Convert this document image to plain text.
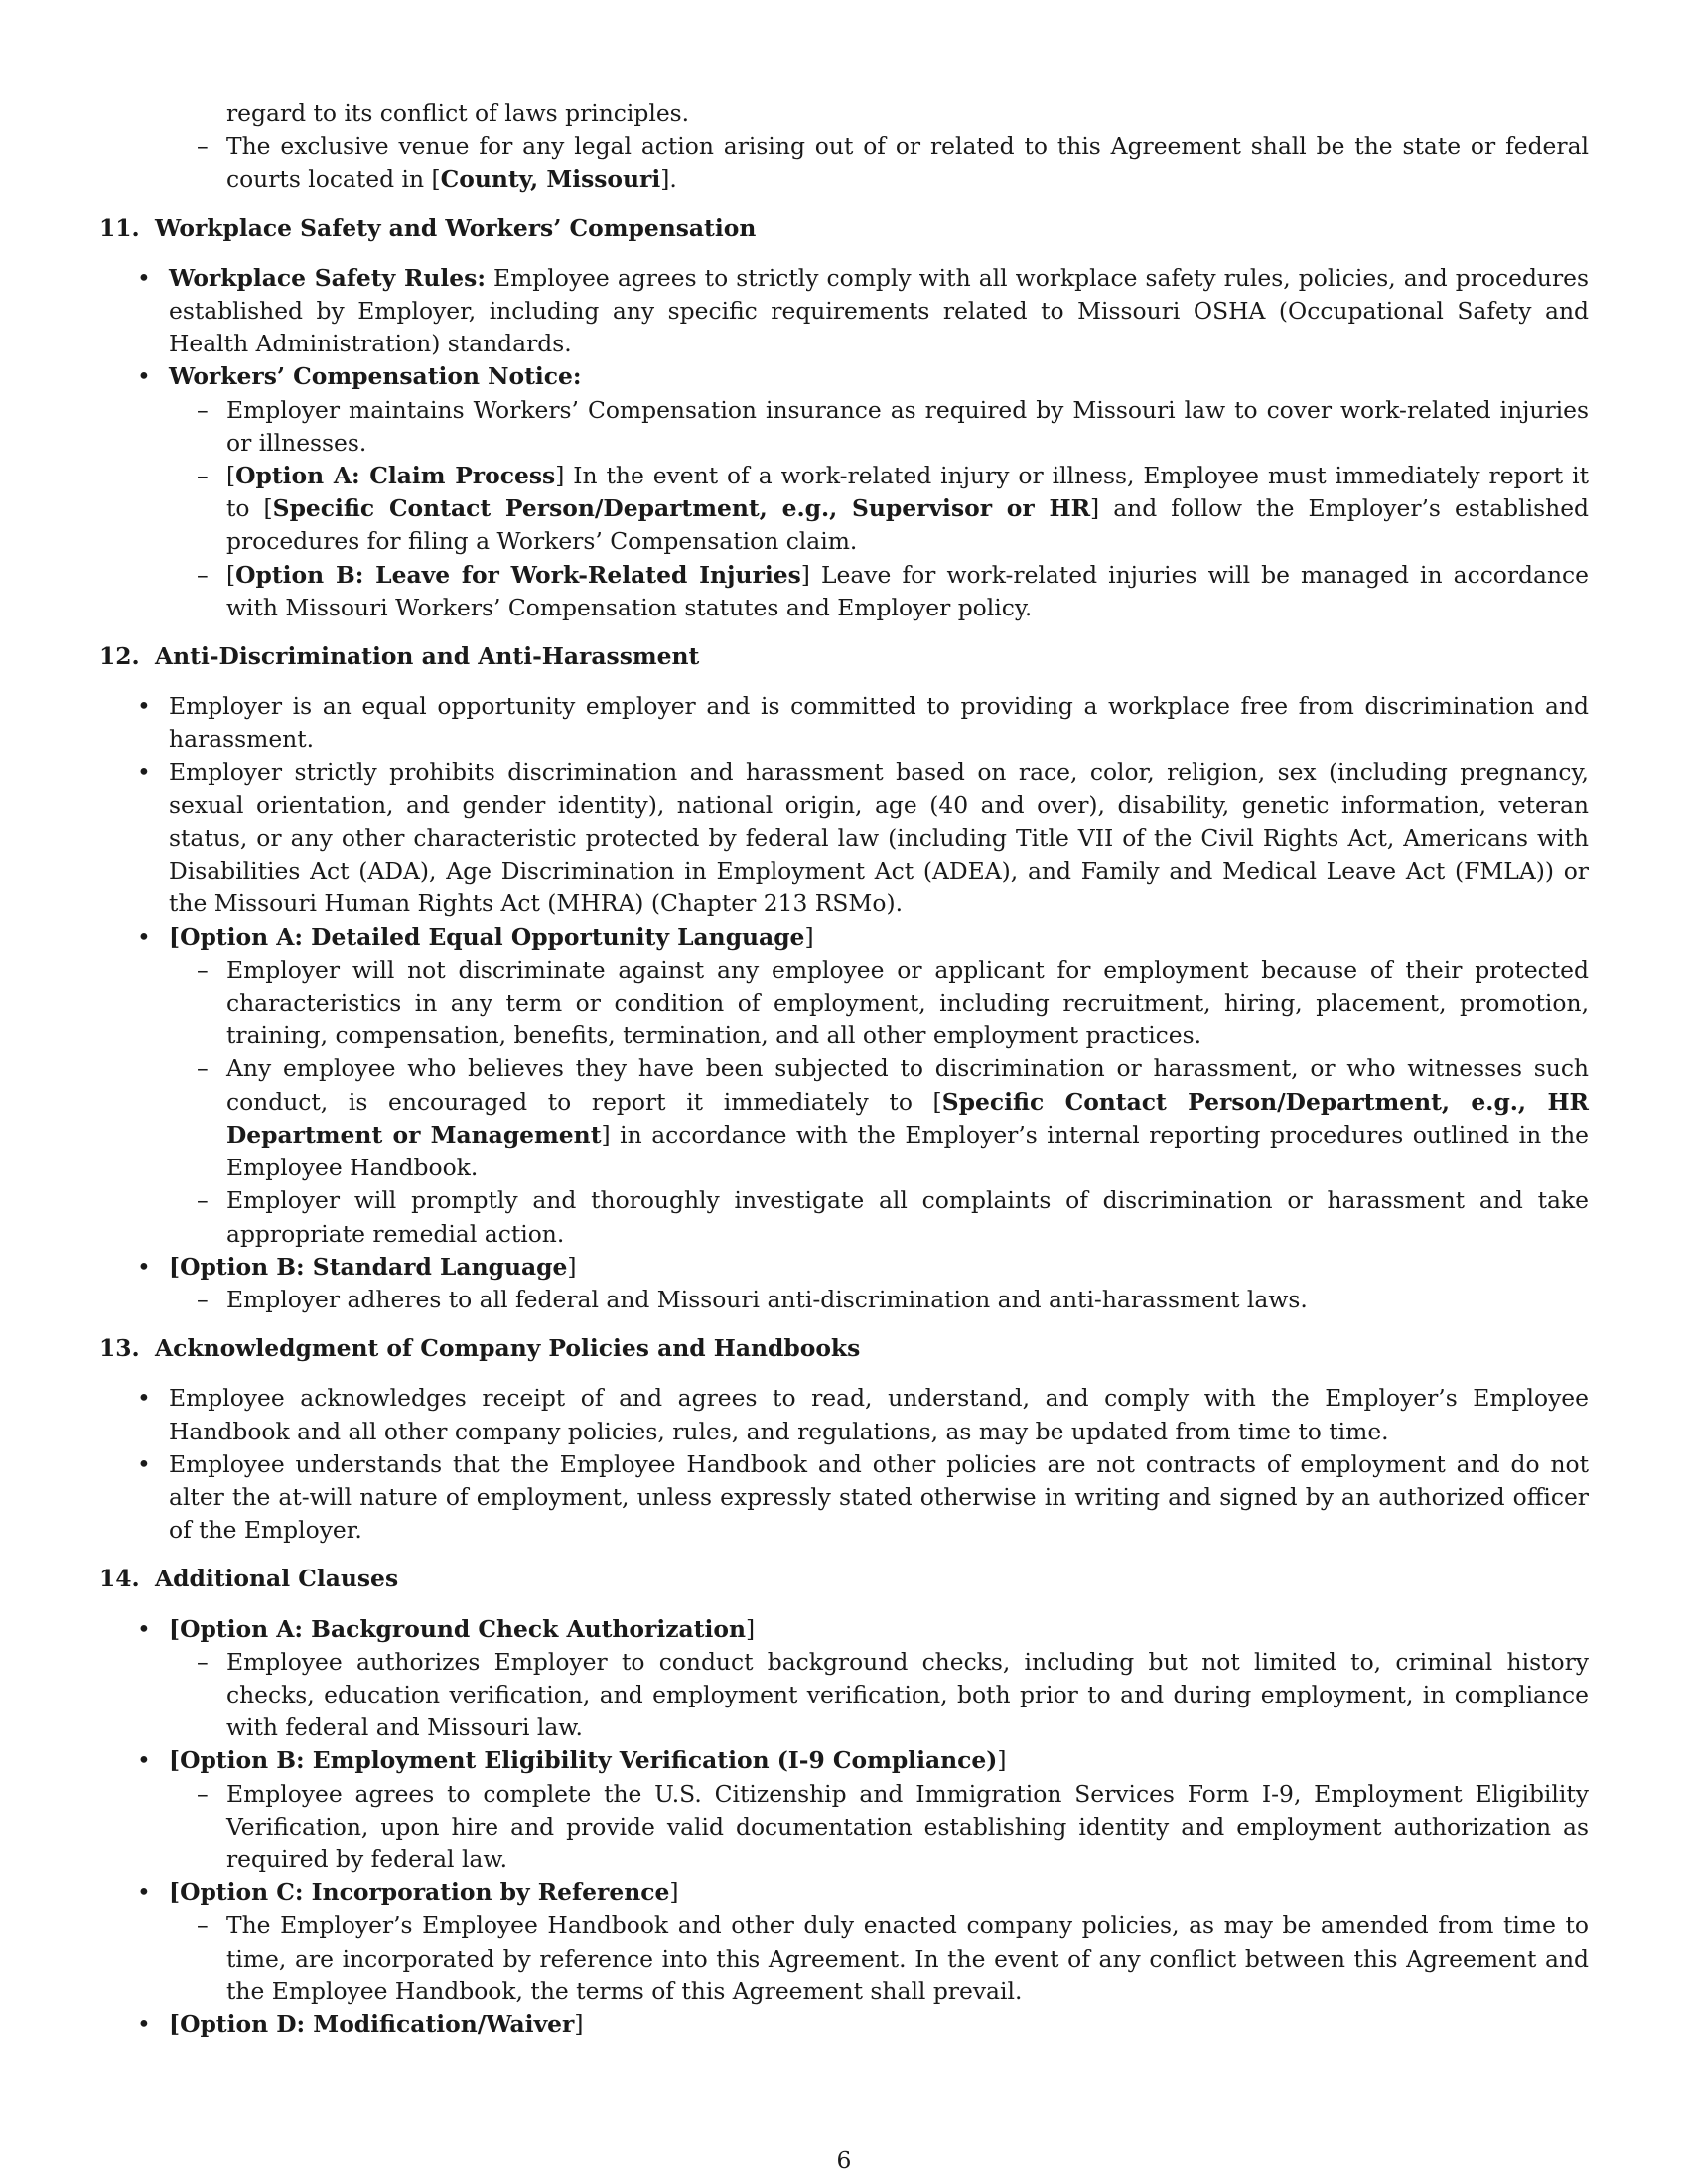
regard to its conflict of laws principles.
– The exclusive venue for any legal action arising out of or related to this Agreement shall be the state or federal courts located in [County, Missouri].
11. Workplace Safety and Workers’ Compensation
• Workplace Safety Rules: Employee agrees to strictly comply with all workplace safety rules, policies, and procedures established by Employer, including any specific requirements related to Missouri OSHA (Occupational Safety and Health Administration) standards.
• Workers’ Compensation Notice:
– Employer maintains Workers’ Compensation insurance as required by Missouri law to cover work-related injuries or illnesses.
– [Option A: Claim Process] In the event of a work-related injury or illness, Employee must immediately report it to [Specific Contact Person/Department, e.g., Supervisor or HR] and follow the Employer’s established procedures for filing a Workers’ Compensation claim.
– [Option B: Leave for Work-Related Injuries] Leave for work-related injuries will be managed in accordance with Missouri Workers’ Compensation statutes and Employer policy.
12. Anti-Discrimination and Anti-Harassment
• Employer is an equal opportunity employer and is committed to providing a workplace free from discrimination and harassment.
• Employer strictly prohibits discrimination and harassment based on race, color, religion, sex (including pregnancy, sexual orientation, and gender identity), national origin, age (40 and over), disability, genetic information, veteran status, or any other characteristic protected by federal law (including Title VII of the Civil Rights Act, Americans with Disabilities Act (ADA), Age Discrimination in Employment Act (ADEA), and Family and Medical Leave Act (FMLA)) or the Missouri Human Rights Act (MHRA) (Chapter 213 RSMo).
• [Option A: Detailed Equal Opportunity Language]
– Employer will not discriminate against any employee or applicant for employment because of their protected characteristics in any term or condition of employment, including recruitment, hiring, placement, promotion, training, compensation, benefits, termination, and all other employment practices.
– Any employee who believes they have been subjected to discrimination or harassment, or who witnesses such conduct, is encouraged to report it immediately to [Specific Contact Person/Department, e.g., HR Department or Management] in accordance with the Employer’s internal reporting procedures outlined in the Employee Handbook.
– Employer will promptly and thoroughly investigate all complaints of discrimination or harassment and take appropriate remedial action.
• [Option B: Standard Language]
– Employer adheres to all federal and Missouri anti-discrimination and anti-harassment laws.
13. Acknowledgment of Company Policies and Handbooks
• Employee acknowledges receipt of and agrees to read, understand, and comply with the Employer’s Employee Handbook and all other company policies, rules, and regulations, as may be updated from time to time.
• Employee understands that the Employee Handbook and other policies are not contracts of employment and do not alter the at-will nature of employment, unless expressly stated otherwise in writing and signed by an authorized officer of the Employer.
14. Additional Clauses
• [Option A: Background Check Authorization]
– Employee authorizes Employer to conduct background checks, including but not limited to, criminal history checks, education verification, and employment verification, both prior to and during employment, in compliance with federal and Missouri law.
• [Option B: Employment Eligibility Verification (I-9 Compliance)]
– Employee agrees to complete the U.S. Citizenship and Immigration Services Form I-9, Employment Eligibility Verification, upon hire and provide valid documentation establishing identity and employment authorization as required by federal law.
• [Option C: Incorporation by Reference]
– The Employer’s Employee Handbook and other duly enacted company policies, as may be amended from time to time, are incorporated by reference into this Agreement. In the event of any conflict between this Agreement and the Employee Handbook, the terms of this Agreement shall prevail.
• [Option D: Modification/Waiver]
6
